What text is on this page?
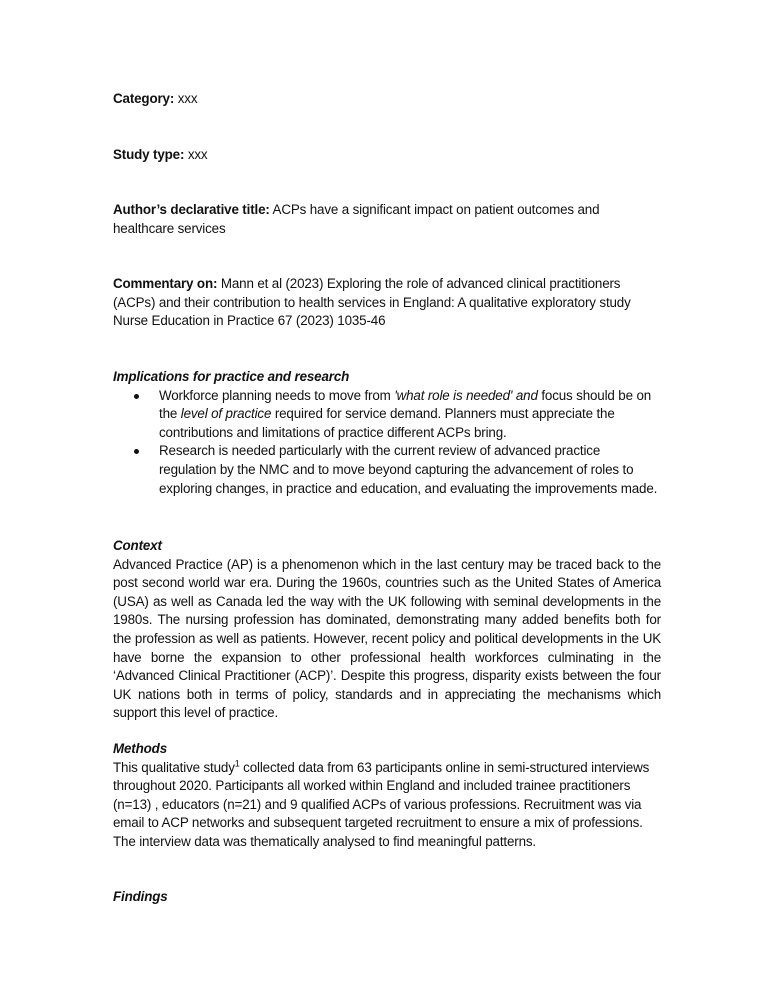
Category: xxx
Study type: xxx
Author’s declarative title: ACPs have a significant impact on patient outcomes and healthcare services
Commentary on: Mann et al (2023) Exploring the role of advanced clinical practitioners (ACPs) and their contribution to health services in England: A qualitative exploratory study Nurse Education in Practice 67 (2023) 1035-46
Implications for practice and research
Workforce planning needs to move from 'what role is needed' and focus should be on the level of practice required for service demand. Planners must appreciate the contributions and limitations of practice different ACPs bring.
Research is needed particularly with the current review of advanced practice regulation by the NMC and to move beyond capturing the advancement of roles to exploring changes, in practice and education, and evaluating the improvements made.
Context
Advanced Practice (AP) is a phenomenon which in the last century may be traced back to the post second world war era. During the 1960s, countries such as the United States of America (USA) as well as Canada led the way with the UK following with seminal developments in the 1980s. The nursing profession has dominated, demonstrating many added benefits both for the profession as well as patients. However, recent policy and political developments in the UK have borne the expansion to other professional health workforces culminating in the ‘Advanced Clinical Practitioner (ACP)’. Despite this progress, disparity exists between the four UK nations both in terms of policy, standards and in appreciating the mechanisms which support this level of practice.
Methods
This qualitative study$^1$ collected data from 63 participants online in semi-structured interviews throughout 2020. Participants all worked within England and included trainee practitioners (n=13) , educators (n=21) and 9 qualified ACPs of various professions. Recruitment was via email to ACP networks and subsequent targeted recruitment to ensure a mix of professions. The interview data was thematically analysed to find meaningful patterns.
Findings
